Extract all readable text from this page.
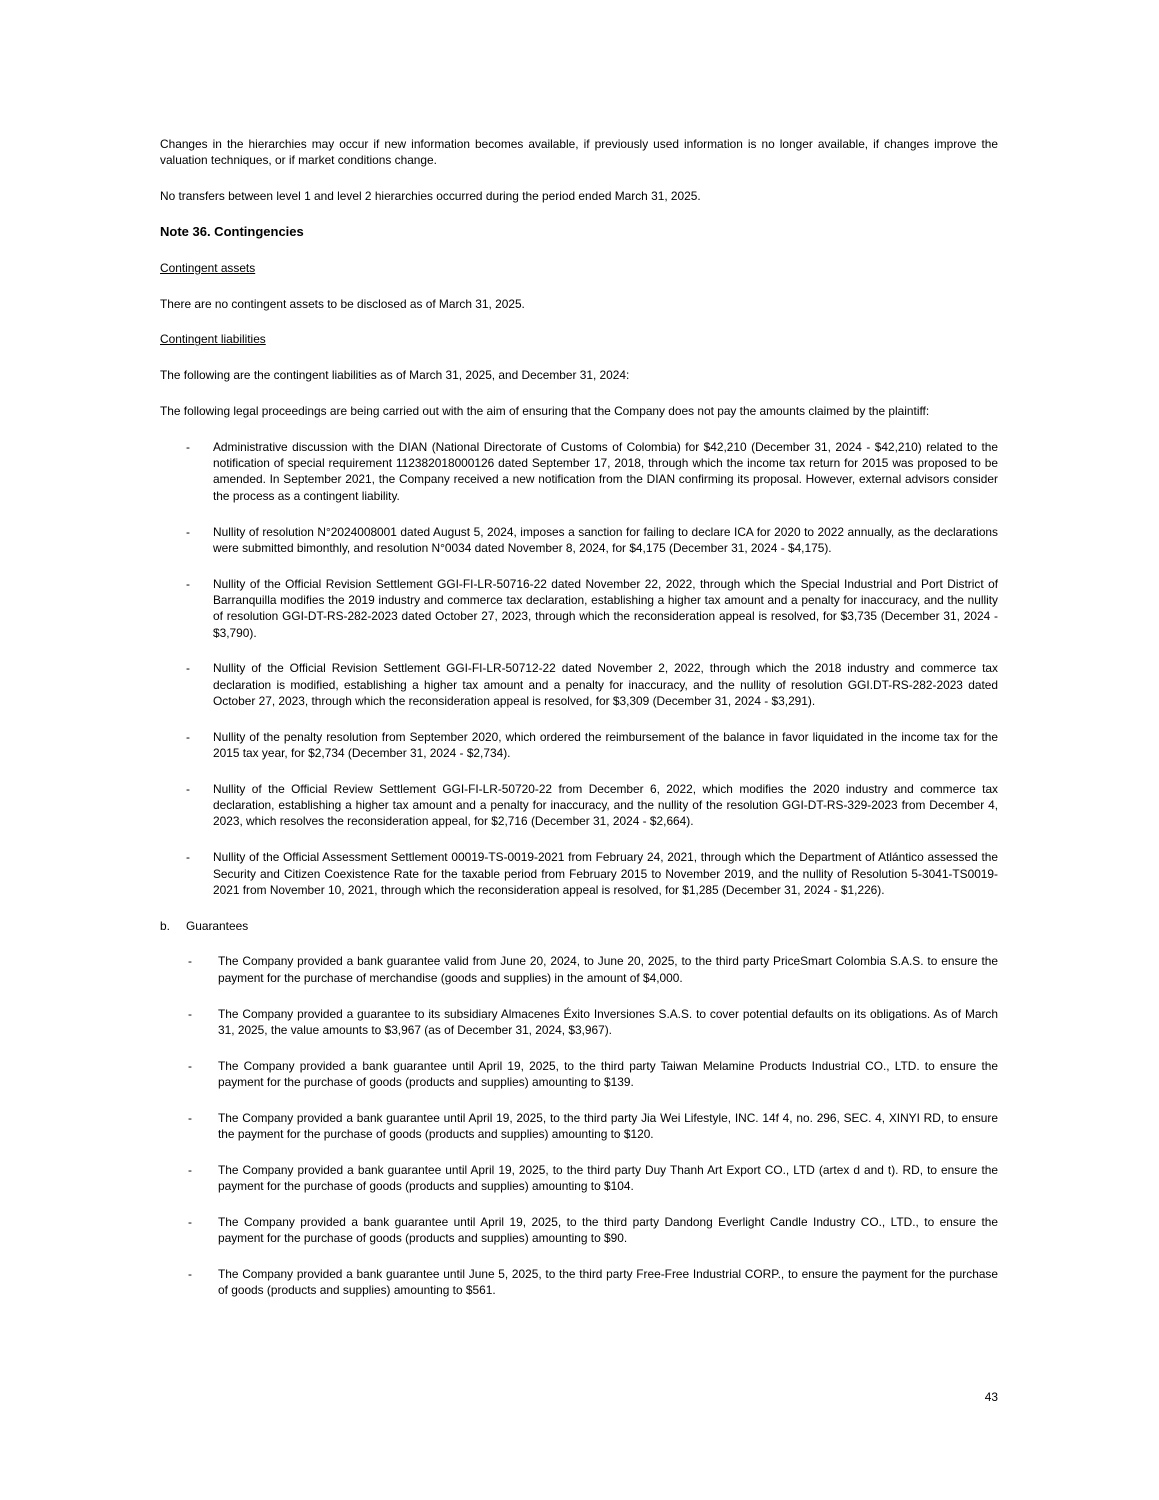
Changes in the hierarchies may occur if new information becomes available, if previously used information is no longer available, if changes improve the valuation techniques, or if market conditions change.

No transfers between level 1 and level 2 hierarchies occurred during the period ended March 31, 2025.

Note 36. Contingencies

Contingent assets

There are no contingent assets to be disclosed as of March 31, 2025.

Contingent liabilities

The following are the contingent liabilities as of March 31, 2025, and December 31, 2024:

The following legal proceedings are being carried out with the aim of ensuring that the Company does not pay the amounts claimed by the plaintiff:

-	Administrative discussion with the DIAN (National Directorate of Customs of Colombia) for $42,210 (December 31, 2024 - $42,210) related to the notification of special requirement 112382018000126 dated September 17, 2018, through which the income tax return for 2015 was proposed to be amended. In September 2021, the Company received a new notification from the DIAN confirming its proposal. However, external advisors consider the process as a contingent liability.
-	Nullity of resolution N°2024008001 dated August 5, 2024, imposes a sanction for failing to declare ICA for 2020 to 2022 annually, as the declarations were submitted bimonthly, and resolution N°0034 dated November 8, 2024, for $4,175 (December 31, 2024 - $4,175).
-	Nullity of the Official Revision Settlement GGI-FI-LR-50716-22 dated November 22, 2022, through which the Special Industrial and Port District of Barranquilla modifies the 2019 industry and commerce tax declaration, establishing a higher tax amount and a penalty for inaccuracy, and the nullity of resolution GGI-DT-RS-282-2023 dated October 27, 2023, through which the reconsideration appeal is resolved, for $3,735 (December 31, 2024 - $3,790).
-	Nullity of the Official Revision Settlement GGI-FI-LR-50712-22 dated November 2, 2022, through which the 2018 industry and commerce tax declaration is modified, establishing a higher tax amount and a penalty for inaccuracy, and the nullity of resolution GGI.DT-RS-282-2023 dated October 27, 2023, through which the reconsideration appeal is resolved, for $3,309 (December 31, 2024 - $3,291).
-	Nullity of the penalty resolution from September 2020, which ordered the reimbursement of the balance in favor liquidated in the income tax for the 2015 tax year, for $2,734 (December 31, 2024 - $2,734).
-	Nullity of the Official Review Settlement GGI-FI-LR-50720-22 from December 6, 2022, which modifies the 2020 industry and commerce tax declaration, establishing a higher tax amount and a penalty for inaccuracy, and the nullity of the resolution GGI-DT-RS-329-2023 from December 4, 2023, which resolves the reconsideration appeal, for $2,716 (December 31, 2024 - $2,664).
-	Nullity of the Official Assessment Settlement 00019-TS-0019-2021 from February 24, 2021, through which the Department of Atlántico assessed the Security and Citizen Coexistence Rate for the taxable period from February 2015 to November 2019, and the nullity of Resolution 5-3041-TS0019-2021 from November 10, 2021, through which the reconsideration appeal is resolved, for $1,285 (December 31, 2024 - $1,226).
b.	Guarantees
-	The Company provided a bank guarantee valid from June 20, 2024, to June 20, 2025, to the third party PriceSmart Colombia S.A.S. to ensure the payment for the purchase of merchandise (goods and supplies) in the amount of $4,000.
-	The Company provided a guarantee to its subsidiary Almacenes Éxito Inversiones S.A.S. to cover potential defaults on its obligations. As of March 31, 2025, the value amounts to $3,967 (as of December 31, 2024, $3,967).
-	The Company provided a bank guarantee until April 19, 2025, to the third party Taiwan Melamine Products Industrial CO., LTD. to ensure the payment for the purchase of goods (products and supplies) amounting to $139.
-	The Company provided a bank guarantee until April 19, 2025, to the third party Jia Wei Lifestyle, INC. 14f 4, no. 296, SEC. 4, XINYI RD, to ensure the payment for the purchase of goods (products and supplies) amounting to $120.
-	The Company provided a bank guarantee until April 19, 2025, to the third party Duy Thanh Art Export CO., LTD (artex d and t). RD, to ensure the payment for the purchase of goods (products and supplies) amounting to $104.
-	The Company provided a bank guarantee until April 19, 2025, to the third party Dandong Everlight Candle Industry CO., LTD., to ensure the payment for the purchase of goods (products and supplies) amounting to $90.
-	The Company provided a bank guarantee until June 5, 2025, to the third party Free-Free Industrial CORP., to ensure the payment for the purchase of goods (products and supplies) amounting to $561.
43
